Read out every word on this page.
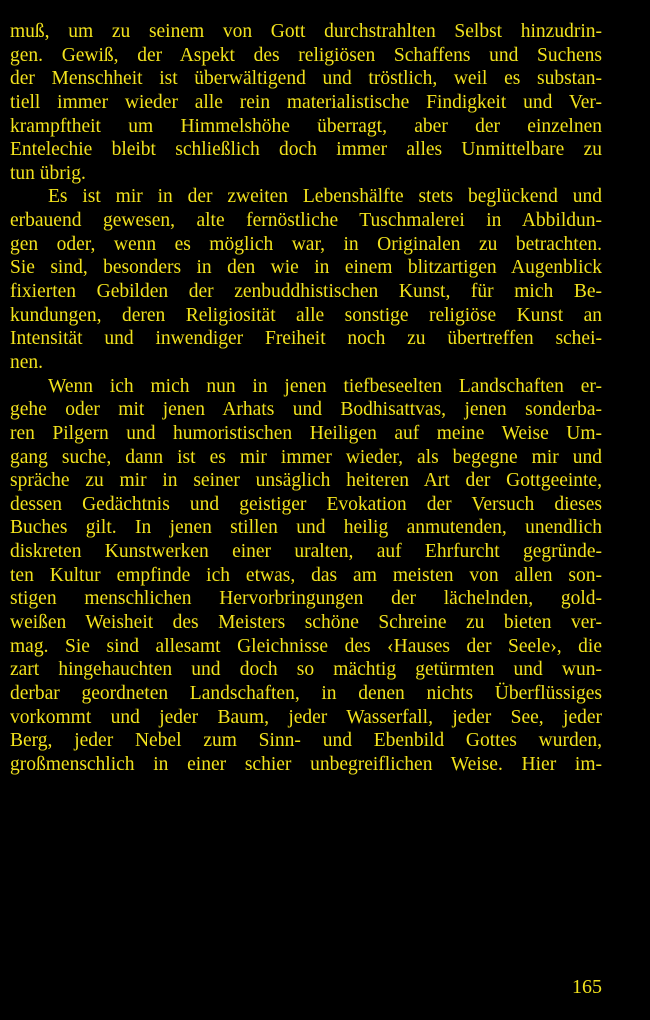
muß, um zu seinem von Gott durchstrahlten Selbst hinzudrin-
gen. Gewiß, der Aspekt des religiösen Schaffens und Suchens
der Menschheit ist überwältigend und tröstlich, weil es substan-
tiell immer wieder alle rein materialistische Findigkeit und Ver-
krampftheit um Himmelshöhe überragt, aber der einzelnen
Entelechie bleibt schließlich doch immer alles Unmittelbare zu
tun übrig.
Es ist mir in der zweiten Lebenshälfte stets beglückend und
erbauend gewesen, alte fernöstliche Tuschmalerei in Abbildun-
gen oder, wenn es möglich war, in Originalen zu betrachten.
Sie sind, besonders in den wie in einem blitzartigen Augenblick
fixierten Gebilden der zenbuddhistischen Kunst, für mich Be-
kundungen, deren Religiosität alle sonstige religiöse Kunst an
Intensität und inwendiger Freiheit noch zu übertreffen schei-
nen.
Wenn ich mich nun in jenen tiefbeseelten Landschaften er-
gehe oder mit jenen Arhats und Bodhisattvas, jenen sonderba-
ren Pilgern und humoristischen Heiligen auf meine Weise Um-
gang suche, dann ist es mir immer wieder, als begegne mir und
spräche zu mir in seiner unsäglich heiteren Art der Gottgeeinte,
dessen Gedächtnis und geistiger Evokation der Versuch dieses
Buches gilt. In jenen stillen und heilig anmutenden, unendlich
diskreten Kunstwerken einer uralten, auf Ehrfurcht gegründe-
ten Kultur empfinde ich etwas, das am meisten von allen son-
stigen menschlichen Hervorbringungen der lächelnden, gold-
weißen Weisheit des Meisters schöne Schreine zu bieten ver-
mag. Sie sind allesamt Gleichnisse des ‹Hauses der Seele›, die
zart hingehauchten und doch so mächtig getürmten und wun-
derbar geordneten Landschaften, in denen nichts Überflüssiges
vorkommt und jeder Baum, jeder Wasserfall, jeder See, jeder
Berg, jeder Nebel zum Sinn- und Ebenbild Gottes wurden,
großmenschlich in einer schier unbegreiflichen Weise. Hier im-
165
